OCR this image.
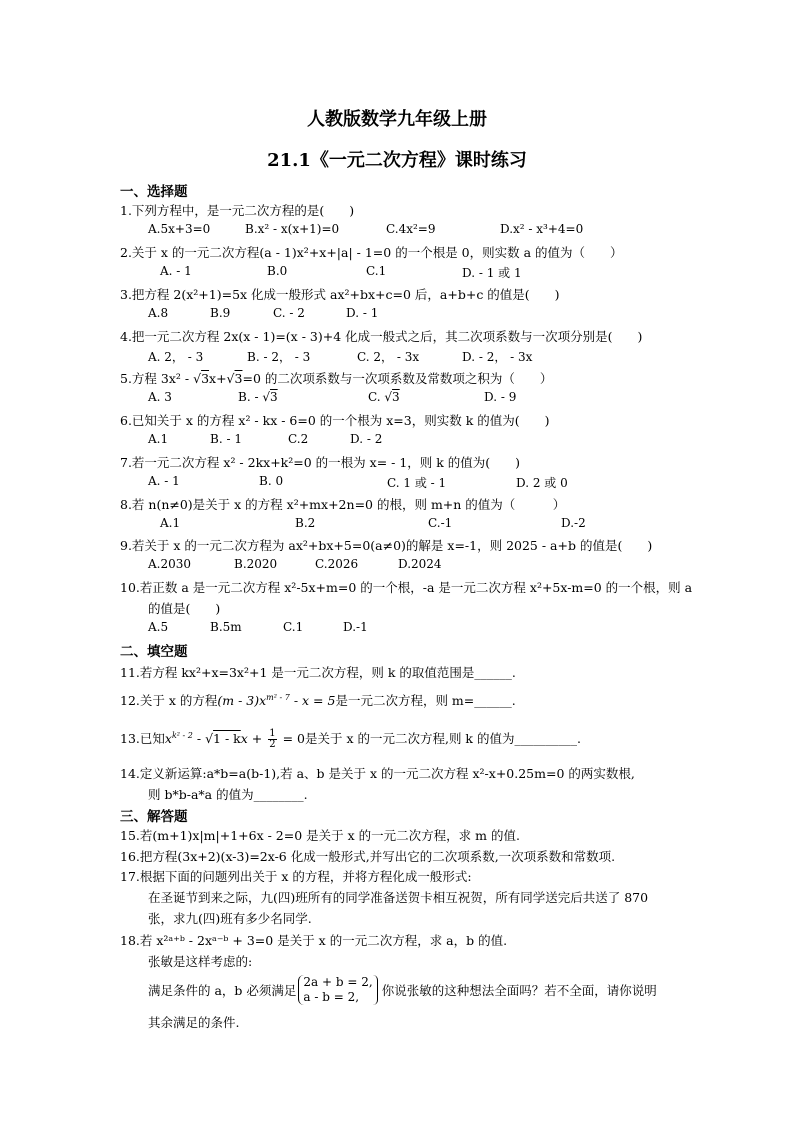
人教版数学九年级上册
21.1《一元二次方程》课时练习
一、选择题
1.下列方程中，是一元二次方程的是(　　)
A.5x+3=0	B.x² - x(x+1)=0	C.4x²=9	D.x² - x³+4=0
2.关于 x 的一元二次方程(a - 1)x²+x+|a| - 1=0 的一个根是 0，则实数 a 的值为（　　）
A. - 1	B.0	C.1	D. - 1 或 1
3.把方程 2(x²+1)=5x 化成一般形式 ax²+bx+c=0 后，a+b+c 的值是(　　)
A.8	B.9	C. - 2	D. - 1
4.把一元二次方程 2x(x - 1)=(x - 3)+4 化成一般式之后，其二次项系数与一次项分别是(　　)
A. 2， - 3	B. - 2， - 3	C. 2， - 3x	D. - 2， - 3x
5.方程 3x² - √3x+√3=0 的二次项系数与一次项系数及常数项之积为（　　）
A. 3	B. - √3	C. √3	D. - 9
6.已知关于 x 的方程 x² - kx - 6=0 的一个根为 x=3，则实数 k 的值为(　　)
A.1	B. - 1	C.2	D. - 2
7.若一元二次方程 x² - 2kx+k²=0 的一根为 x= - 1，则 k 的值为(　　)
A. - 1	B. 0	C. 1 或 - 1	D. 2 或 0
8.若 n(n≠0)是关于 x 的方程 x²+mx+2n=0 的根，则 m+n 的值为（　　　）
A.1	B.2	C.-1	D.-2
9.若关于 x 的一元二次方程为 ax²+bx+5=0(a≠0)的解是 x=-1，则 2025 - a+b 的值是(　　)
A.2030	B.2020	C.2026	D.2024
10.若正数 a 是一元二次方程 x²-5x+m=0 的一个根，-a 是一元二次方程 x²+5x-m=0 的一个根，则 a
的值是(　　)
A.5	B.5m	C.1	D.-1
二、填空题
11.若方程 kx²+x=3x²+1 是一元二次方程，则 k 的取值范围是______.
12.关于 x 的方程$(m - 3)x^{m^2 - 7} - x = 5$是一元二次方程，则 m=______.
13.已知$x^{k^2 - 2} - √1$ - kx + $\frac{1}{2} = 0$是关于 x 的一元二次方程,则 k 的值为__________.
14.定义新运算:a*b=a(b-1),若 a、b 是关于 x 的一元二次方程 x²-x+0.25m=0 的两实数根,
则 b*b-a*a 的值为________.
三、解答题
15.若(m+1)x|m|+1+6x - 2=0 是关于 x 的一元二次方程，求 m 的值.
16.把方程(3x+2)(x-3)=2x-6 化成一般形式,并写出它的二次项系数,一次项系数和常数项.
17.根据下面的问题列出关于 x 的方程，并将方程化成一般形式:
在圣诞节到来之际，九(四)班所有的同学准备送贺卡相互祝贺，所有同学送完后共送了 870
张，求九(四)班有多少名同学.
18.若 x²ᵃ⁺ᵇ - 2xᵃ⁻ᵇ + 3=0 是关于 x 的一元二次方程，求 a，b 的值.
张敏是这样考虑的:
满足条件的 a，b 必须满足
2a + b = 2,
a - b = 2,	你说张敏的这种想法全面吗？若不全面，请你说明
其余满足的条件.
